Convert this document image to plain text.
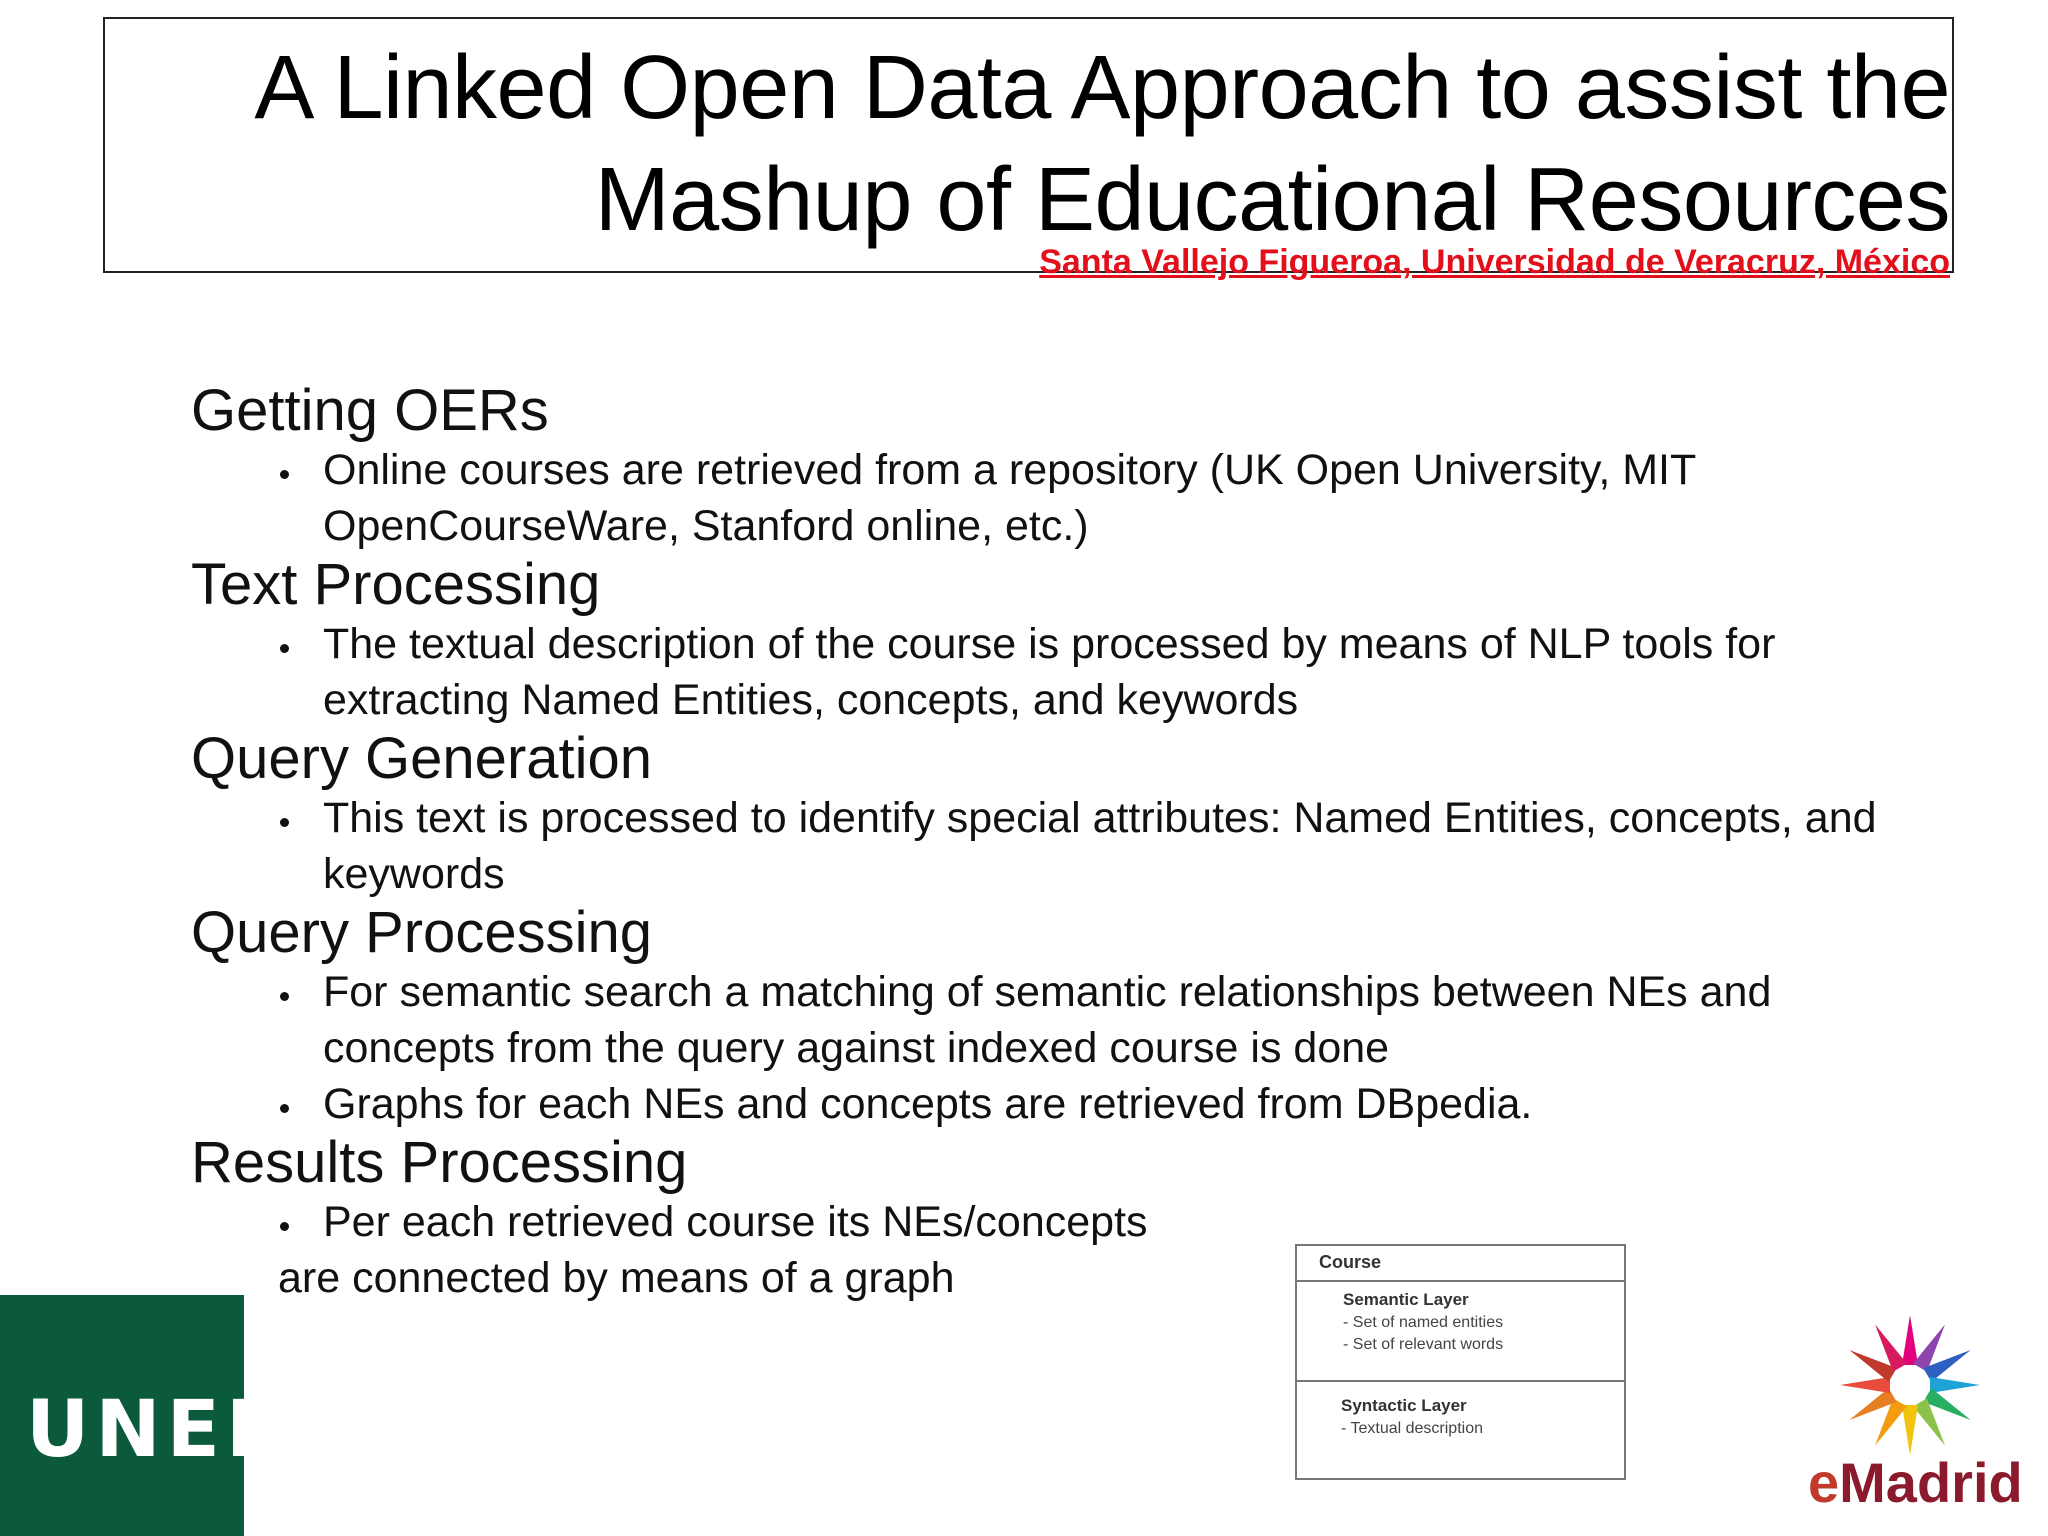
A Linked Open Data Approach to assist the
Mashup of Educational Resources
Santa Vallejo Figueroa, Universidad de Veracruz, México
Getting OERs
Online courses are retrieved from a repository (UK Open University, MIT OpenCourseWare, Stanford online, etc.)
Text Processing
The textual description of the course is processed by means of NLP tools for extracting Named Entities, concepts, and keywords
Query Generation
This text is processed to identify special attributes: Named Entities, concepts, and keywords
Query Processing
For semantic search a matching of semantic relationships between NEs and concepts from the query against indexed course is done
Graphs for each NEs and concepts are retrieved from DBpedia.
Results Processing
Per each retrieved course its NEs/concepts
are connected by means of a graph
UNED
Course
Semantic Layer
- Set of named entities
- Set of relevant words
Syntactic Layer
- Textual description
eMadrid
